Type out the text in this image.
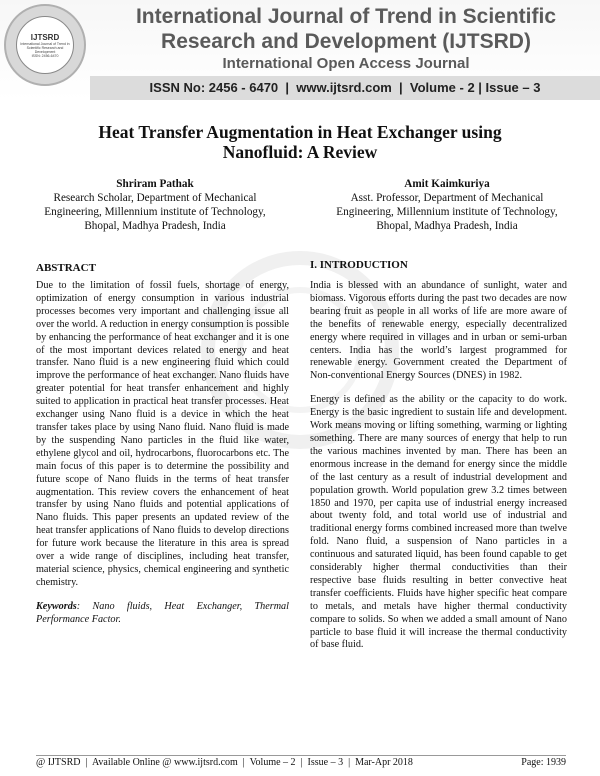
IJTSRD
International Journal of Trend in Scientific Research and Development
ISSN: 2456-6470
International Journal of Trend in Scientific Research and Development (IJTSRD)
International Open Access Journal
ISSN No: 2456 - 6470  |  www.ijtsrd.com  |  Volume - 2 | Issue – 3
Heat Transfer Augmentation in Heat Exchanger using Nanofluid: A Review
Shriram Pathak
Research Scholar, Department of Mechanical
Engineering, Millennium institute of Technology,
Bhopal, Madhya Pradesh, India
Amit Kaimkuriya
Asst. Professor, Department of Mechanical
Engineering, Millennium institute of Technology,
Bhopal, Madhya Pradesh, India
ABSTRACT

Due to the limitation of fossil fuels, shortage of energy, optimization of energy consumption in various industrial processes becomes very important and challenging issue all over the world. A reduction in energy consumption is possible by enhancing the performance of heat exchanger and it is one of the most important devices related to energy and heat transfer. Nano fluid is a new engineering fluid which could improve the performance of heat exchanger. Nano fluids have greater potential for heat transfer enhancement and highly suited to application in practical heat transfer processes. Heat exchanger using Nano fluid is a device in which the heat transfer takes place by using Nano fluid. Nano fluid is made by the suspending Nano particles in the fluid like water, ethylene glycol and oil, hydrocarbons, fluorocarbons etc. The main focus of this paper is to determine the possibility and future scope of Nano fluids in the terms of heat transfer augmentation. This review covers the enhancement of heat transfer by using Nano fluids and potential applications of Nano fluids. This paper presents an updated review of the heat transfer applications of Nano fluids to develop directions for future work because the literature in this area is spread over a wide range of disciplines, including heat transfer, material science, physics, chemical engineering and synthetic chemistry.

Keywords: Nano fluids, Heat Exchanger, Thermal Performance Factor.

I. INTRODUCTION

India is blessed with an abundance of sunlight, water and biomass. Vigorous efforts during the past two decades are now bearing fruit as people in all works of life are more aware of the benefits of renewable energy, especially decentralized energy where required in villages and in urban or semi-urban centers. India has the world’s largest programmed for renewable energy. Government created the Department of Non-conventional Energy Sources (DNES) in 1982.

Energy is defined as the ability or the capacity to do work. Energy is the basic ingredient to sustain life and development. Work means moving or lifting something, warming or lighting something. There are many sources of energy that help to run the various machines invented by man. There has been an enormous increase in the demand for energy since the middle of the last century as a result of industrial development and population growth. World population grew 3.2 times between 1850 and 1970, per capita use of industrial energy increased about twenty fold, and total world use of industrial and traditional energy forms combined increased more than twelve fold. Nano fluid, a suspension of Nano particles in a continuous and saturated liquid, has been found capable to get considerably higher thermal conductivities than their respective base fluids resulting in better convective heat transfer coefficients. Fluids have higher specific heat compare to metals, and metals have higher thermal conductivity compare to solids. So when we added a small amount of Nano particle to base fluid it will increase the thermal conductivity of base fluid.

@ IJTSRD  |  Available Online @ www.ijtsrd.com  |  Volume – 2  |  Issue – 3  |  Mar-Apr 2018	Page: 1939
